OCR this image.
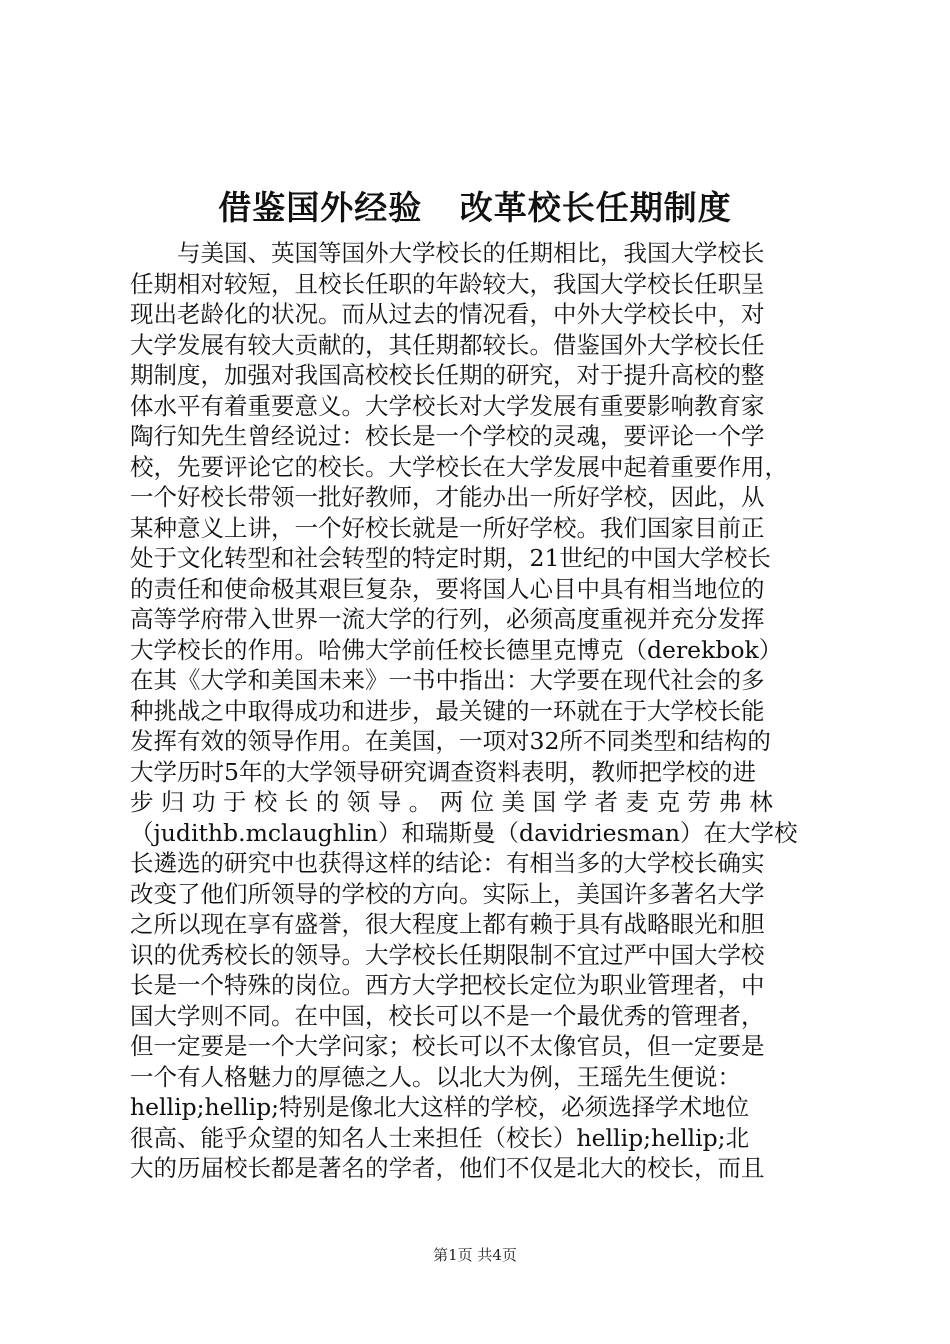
借鉴国外经验   改革校长任期制度
与美国、英国等国外大学校长的任期相比，我国大学校长
任期相对较短，且校长任职的年龄较大，我国大学校长任职呈
现出老龄化的状况。而从过去的情况看，中外大学校长中，对
大学发展有较大贡献的，其任期都较长。借鉴国外大学校长任
期制度，加强对我国高校校长任期的研究，对于提升高校的整
体水平有着重要意义。大学校长对大学发展有重要影响教育家
陶行知先生曾经说过：校长是一个学校的灵魂，要评论一个学
校，先要评论它的校长。大学校长在大学发展中起着重要作用，
一个好校长带领一批好教师，才能办出一所好学校，因此，从
某种意义上讲，一个好校长就是一所好学校。我们国家目前正
处于文化转型和社会转型的特定时期，21世纪的中国大学校长
的责任和使命极其艰巨复杂，要将国人心目中具有相当地位的
高等学府带入世界一流大学的行列，必须高度重视并充分发挥
大学校长的作用。哈佛大学前任校长德里克博克（derekbok）
在其《大学和美国未来》一书中指出：大学要在现代社会的多
种挑战之中取得成功和进步，最关键的一环就在于大学校长能
发挥有效的领导作用。在美国，一项对32所不同类型和结构的
大学历时5年的大学领导研究调查资料表明，教师把学校的进
步 归 功 于 校 长 的 领 导 。 两 位 美 国 学 者 麦 克 劳 弗 林
（judithb.mclaughlin）和瑞斯曼（davidriesman）在大学校
长遴选的研究中也获得这样的结论：有相当多的大学校长确实
改变了他们所领导的学校的方向。实际上，美国许多著名大学
之所以现在享有盛誉，很大程度上都有赖于具有战略眼光和胆
识的优秀校长的领导。大学校长任期限制不宜过严中国大学校
长是一个特殊的岗位。西方大学把校长定位为职业管理者，中
国大学则不同。在中国，校长可以不是一个最优秀的管理者，
但一定要是一个大学问家；校长可以不太像官员，但一定要是
一个有人格魅力的厚德之人。以北大为例，王瑶先生便说：
hellip;hellip;特别是像北大这样的学校，必须选择学术地位
很高、能乎众望的知名人士来担任（校长）hellip;hellip;北
大的历届校长都是著名的学者，他们不仅是北大的校长，而且
第1页 共4页
